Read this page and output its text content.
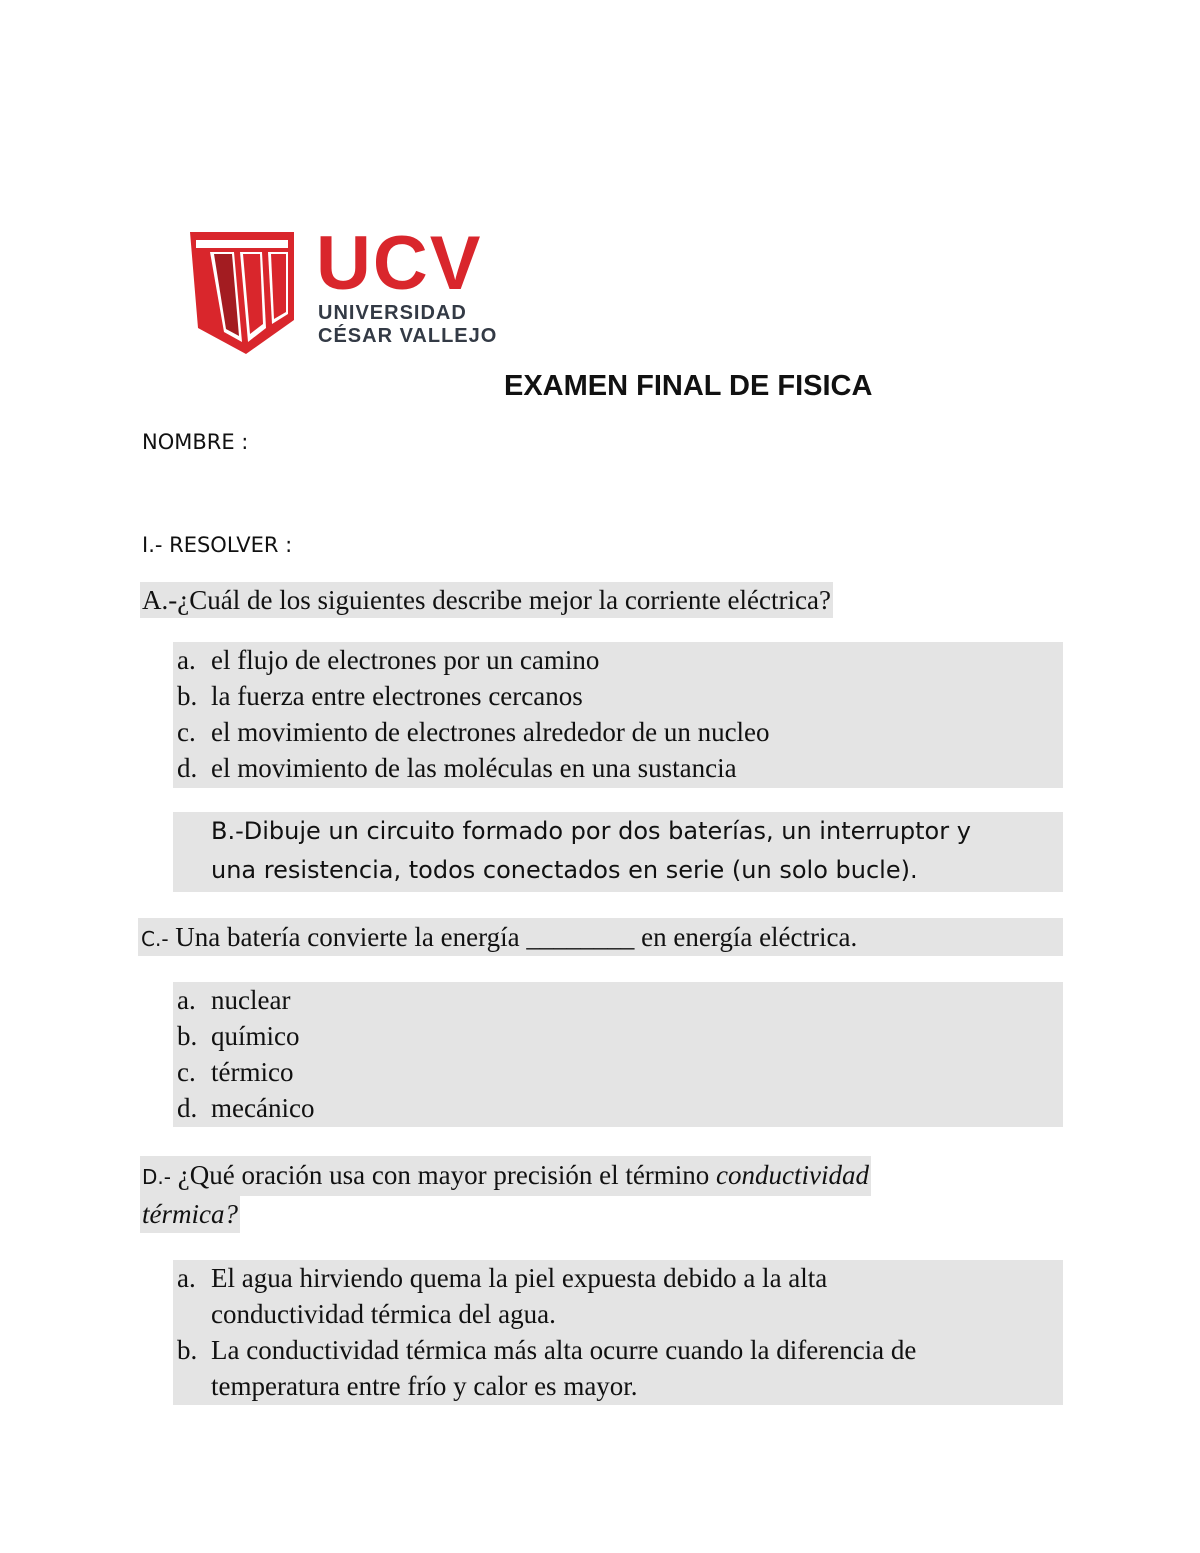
UCV
UNIVERSIDAD
CÉSAR VALLEJO
EXAMEN FINAL DE FISICA
NOMBRE :
I.- RESOLVER :
A.-¿Cuál de los siguientes describe mejor la corriente eléctrica?
a. el flujo de electrones por un camino
b. la fuerza entre electrones cercanos
c. el movimiento de electrones alrededor de un nucleo
d. el movimiento de las moléculas en una sustancia

B.-Dibuje un circuito formado por dos baterías, un interruptor y

una resistencia, todos conectados en serie (un solo bucle).

C.- Una batería convierte la energía ________ en energía eléctrica.
a. nuclear
b. químico
c. térmico
d. mecánico
D.- ¿Qué oración usa con mayor precisión el término conductividad
térmica?
a. El agua hirviendo quema la piel expuesta debido a la alta
conductividad térmica del agua.
b. La conductividad térmica más alta ocurre cuando la diferencia de
temperatura entre frío y calor es mayor.
